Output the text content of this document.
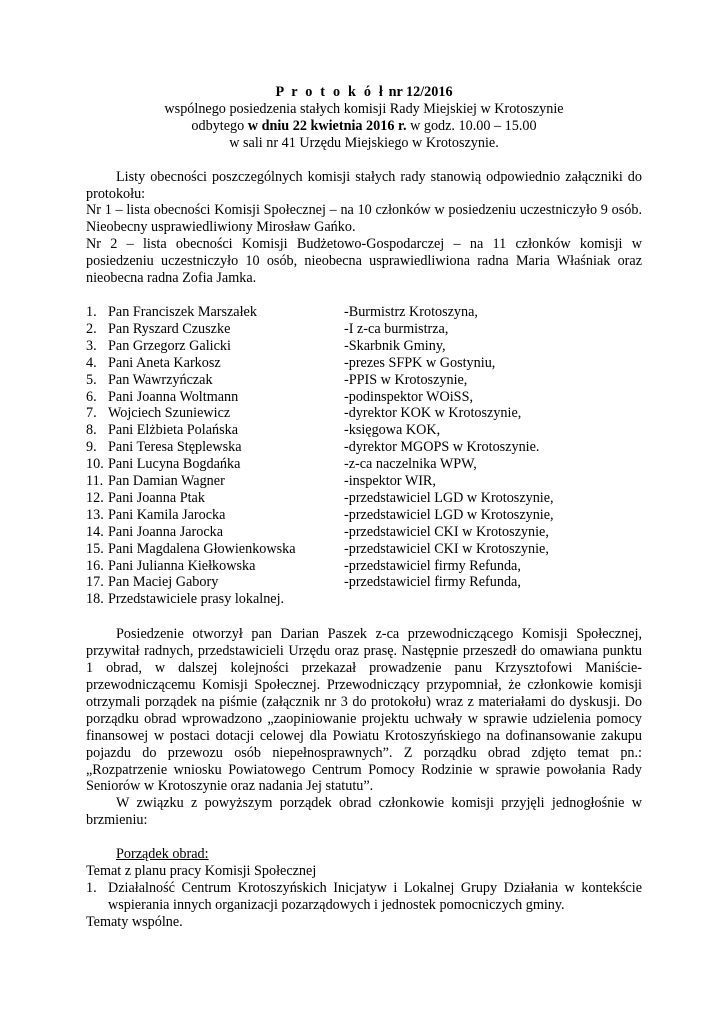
P r o t o k ó ł nr 12/2016
wspólnego posiedzenia stałych komisji Rady Miejskiej w Krotoszynie
odbytego w dniu 22 kwietnia 2016 r. w godz. 10.00 – 15.00
w sali nr 41 Urzędu Miejskiego w Krotoszynie.

Listy obecności poszczególnych komisji stałych rady stanowią odpowiednio załączniki do protokołu:

Nr 1 – lista obecności Komisji Społecznej – na 10 członków w posiedzeniu uczestniczyło 9 osób. Nieobecny usprawiedliwiony Mirosław Gańko.

Nr 2 – lista obecności Komisji Budżetowo-Gospodarczej – na 11 członków komisji w posiedzeniu uczestniczyło 10 osób, nieobecna usprawiedliwiona radna Maria Właśniak oraz nieobecna radna Zofia Jamka.

1. Pan Franciszek Marszałek	-Burmistrz Krotoszyna,
2. Pan Ryszard Czuszke	-I z-ca burmistrza,
3. Pan Grzegorz Galicki	-Skarbnik Gminy,
4. Pani Aneta Karkosz	-prezes SFPK w Gostyniu,
5. Pan Wawrzyńczak	-PPIS w Krotoszynie,
6. Pani Joanna Woltmann	-podinspektor WOiSS,
7. Wojciech Szuniewicz	-dyrektor KOK w Krotoszynie,
8. Pani Elżbieta Polańska	-księgowa KOK,
9. Pani Teresa Stęplewska	-dyrektor MGOPS w Krotoszynie.
10. Pani Lucyna Bogdańka	-z-ca naczelnika WPW,
11. Pan Damian Wagner	-inspektor WIR,
12. Pani Joanna Ptak	-przedstawiciel LGD w Krotoszynie,
13. Pani Kamila Jarocka	-przedstawiciel LGD w Krotoszynie,
14. Pani Joanna Jarocka	-przedstawiciel CKI w Krotoszynie,
15. Pani Magdalena Głowienkowska	-przedstawiciel CKI w Krotoszynie,
16. Pani Julianna Kiełkowska	-przedstawiciel firmy Refunda,
17. Pan Maciej Gabory	-przedstawiciel firmy Refunda,
18. Przedstawiciele prasy lokalnej.

Posiedzenie otworzył pan Darian Paszek z-ca przewodniczącego Komisji Społecznej, przywitał radnych, przedstawicieli Urzędu oraz prasę. Następnie przeszedł do omawiana punktu 1 obrad, w dalszej kolejności przekazał prowadzenie panu Krzysztofowi Maniście-przewodniczącemu Komisji Społecznej. Przewodniczący przypomniał, że członkowie komisji otrzymali porządek na piśmie (załącznik nr 3 do protokołu) wraz z materiałami do dyskusji. Do porządku obrad wprowadzono „zaopiniowanie projektu uchwały w sprawie udzielenia pomocy finansowej w postaci dotacji celowej dla Powiatu Krotoszyńskiego na dofinansowanie zakupu pojazdu do przewozu osób niepełnosprawnych”. Z porządku obrad zdjęto temat pn.: „Rozpatrzenie wniosku Powiatowego Centrum Pomocy Rodzinie w sprawie powołania Rady Seniorów w Krotoszynie oraz nadania Jej statutu”.

W związku z powyższym porządek obrad członkowie komisji przyjęli jednogłośnie w brzmieniu:

Porządek obrad:
Temat z planu pracy Komisji Społecznej

1. Działalność Centrum Krotoszyńskich Inicjatyw i Lokalnej Grupy Działania w kontekście wspierania innych organizacji pozarządowych i jednostek pomocniczych gminy.

Tematy wspólne.
